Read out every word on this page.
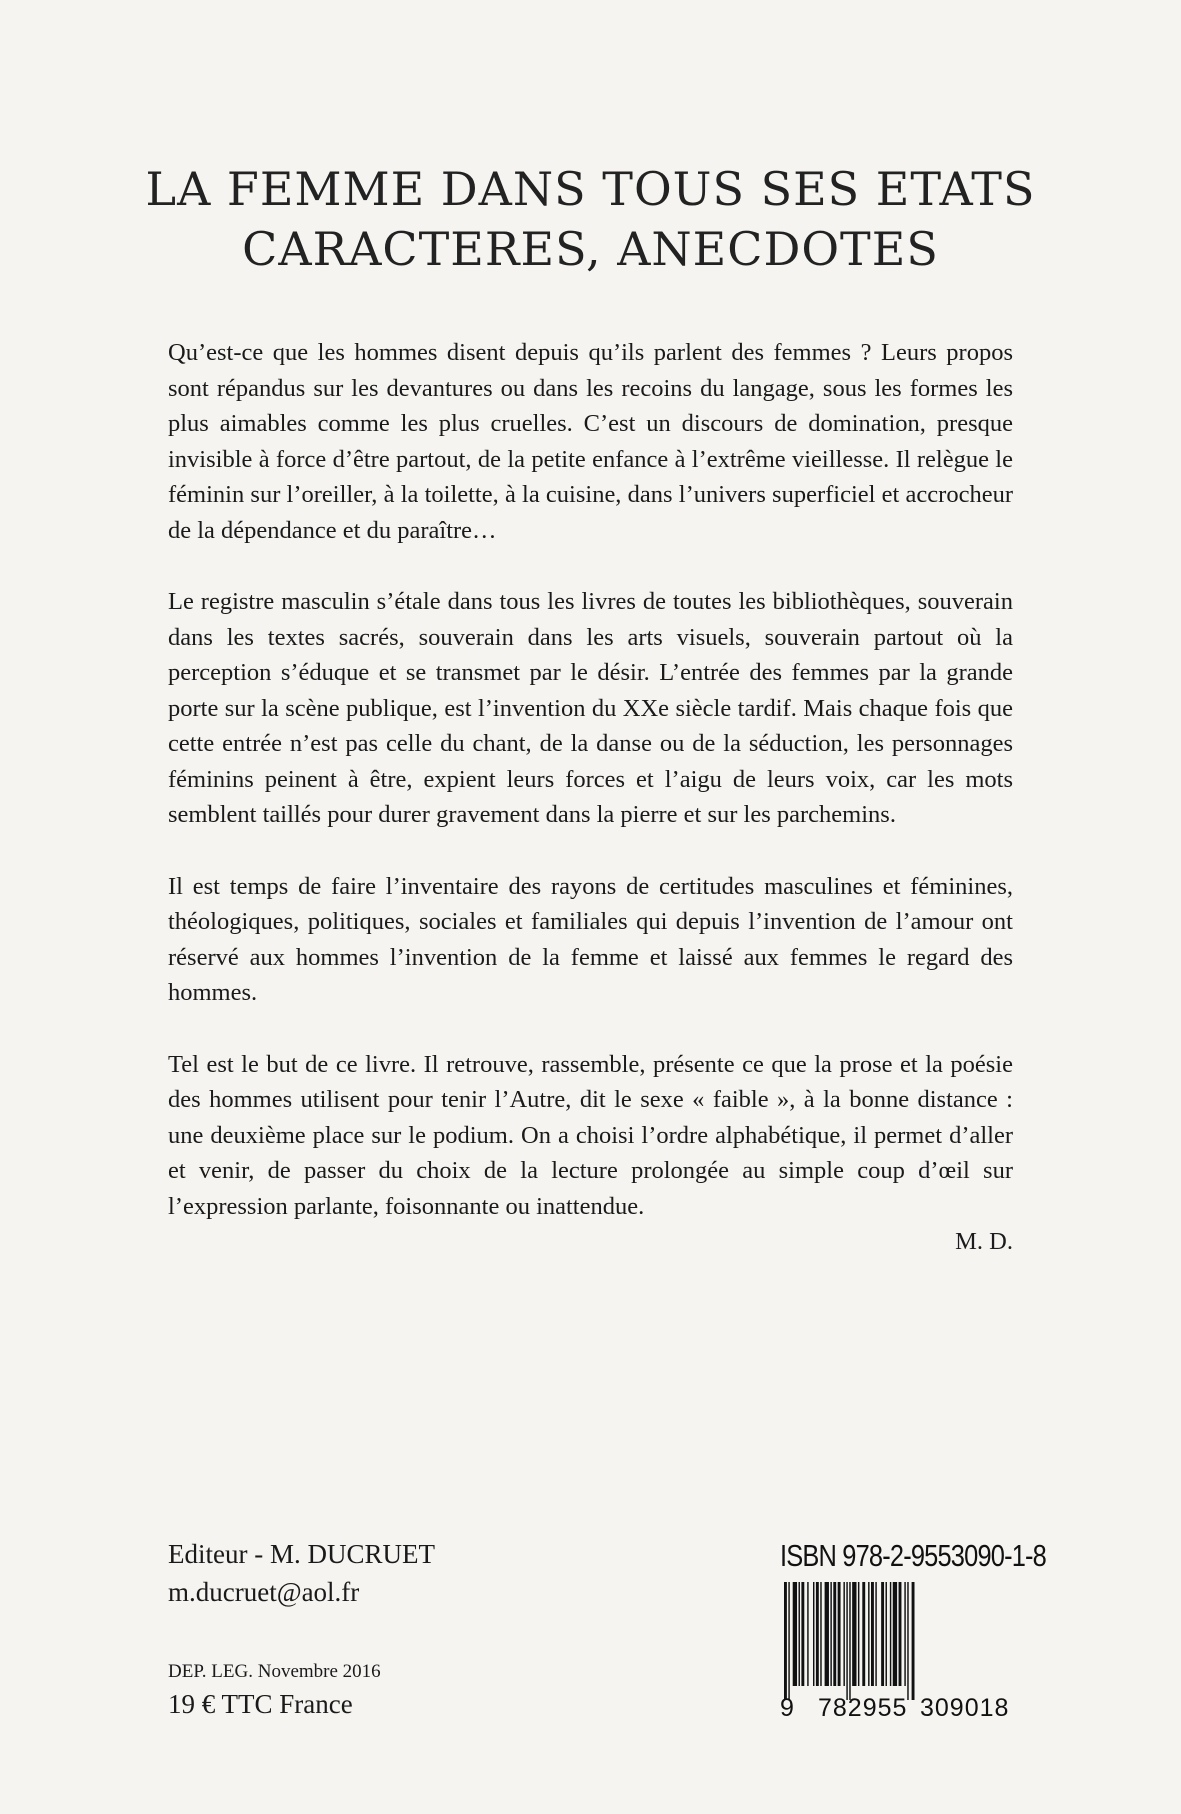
LA FEMME DANS TOUS SES ETATS
CARACTERES, ANECDOTES

Qu’est-ce que les hommes disent depuis qu’ils parlent des femmes ? Leurs propos sont répandus sur les devantures ou dans les recoins du langage, sous les formes les plus aimables comme les plus cruelles. C’est un discours de domination, presque invisible à force d’être partout, de la petite enfance à l’extrême vieillesse. Il relègue le féminin sur l’oreiller, à la toilette, à la cuisine, dans l’univers superficiel et accrocheur de la dépendance et du paraître…

Le registre masculin s’étale dans tous les livres de toutes les bibliothèques, souverain dans les textes sacrés, souverain dans les arts visuels, souverain partout où la perception s’éduque et se transmet par le désir. L’entrée des femmes par la grande porte sur la scène publique, est l’invention du XXe siècle tardif. Mais chaque fois que cette entrée n’est pas celle du chant, de la danse ou de la séduction, les personnages féminins peinent à être, expient leurs forces et l’aigu de leurs voix, car les mots semblent taillés pour durer gravement dans la pierre et sur les parchemins.

Il est temps de faire l’inventaire des rayons de certitudes masculines et féminines, théologiques, politiques, sociales et familiales qui depuis l’invention de l’amour ont réservé aux hommes l’invention de la femme et laissé aux femmes le regard des hommes.

Tel est le but de ce livre. Il retrouve, rassemble, présente ce que la prose et la poésie des hommes utilisent pour tenir l’Autre, dit le sexe « faible », à la bonne distance : une deuxième place sur le podium. On a choisi l’ordre alphabétique, il permet d’aller et venir, de passer du choix de la lecture prolongée au simple coup d’œil sur l’expression parlante, foisonnante ou inattendue.

M. D.

Editeur - M. DUCRUET
m.ducruet@aol.fr
DEP. LEG. Novembre 2016
19 € TTC France
ISBN 978-2-9553090-1-8
9 782955 309018
